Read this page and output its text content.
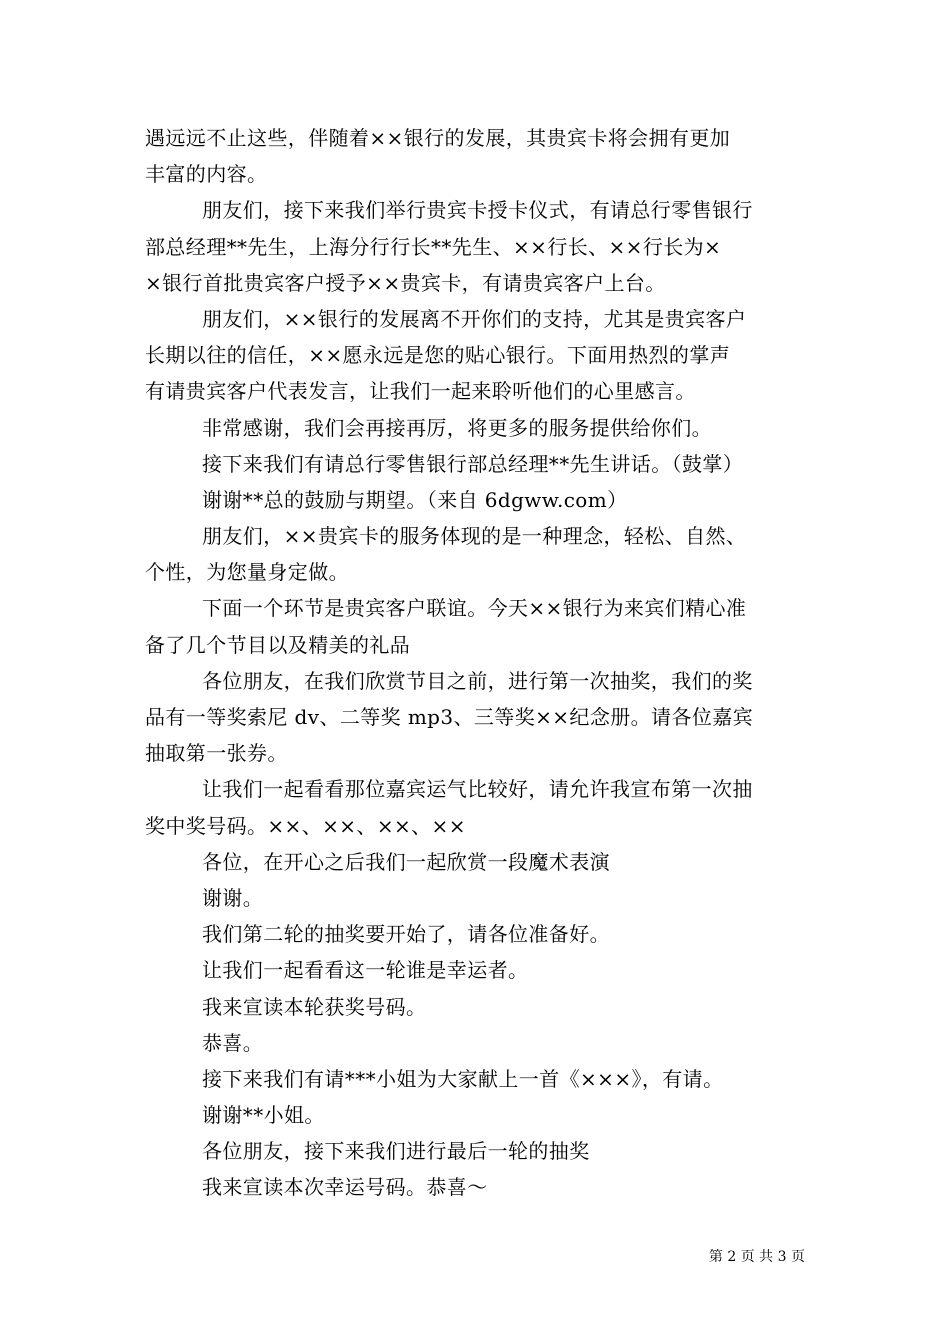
遇远远不止这些，伴随着××银行的发展，其贵宾卡将会拥有更加
丰富的内容。
朋友们，接下来我们举行贵宾卡授卡仪式，有请总行零售银行
部总经理**先生，上海分行行长**先生、××行长、××行长为×
×银行首批贵宾客户授予××贵宾卡，有请贵宾客户上台。
朋友们，××银行的发展离不开你们的支持，尤其是贵宾客户
长期以往的信任，××愿永远是您的贴心银行。下面用热烈的掌声
有请贵宾客户代表发言，让我们一起来聆听他们的心里感言。
非常感谢，我们会再接再厉，将更多的服务提供给你们。
接下来我们有请总行零售银行部总经理**先生讲话。（鼓掌）
谢谢**总的鼓励与期望。（来自 6dgww.com）
朋友们，××贵宾卡的服务体现的是一种理念，轻松、自然、
个性，为您量身定做。
下面一个环节是贵宾客户联谊。今天××银行为来宾们精心准
备了几个节目以及精美的礼品
各位朋友，在我们欣赏节目之前，进行第一次抽奖，我们的奖
品有一等奖索尼 dv、二等奖 mp3、三等奖××纪念册。请各位嘉宾
抽取第一张券。
让我们一起看看那位嘉宾运气比较好，请允许我宣布第一次抽
奖中奖号码。××、××、××、××
各位，在开心之后我们一起欣赏一段魔术表演
谢谢。
我们第二轮的抽奖要开始了，请各位准备好。
让我们一起看看这一轮谁是幸运者。
我来宣读本轮获奖号码。
恭喜。
接下来我们有请***小姐为大家献上一首《×××》，有请。
谢谢**小姐。
各位朋友，接下来我们进行最后一轮的抽奖
我来宣读本次幸运号码。恭喜～
第 2 页 共 3 页
